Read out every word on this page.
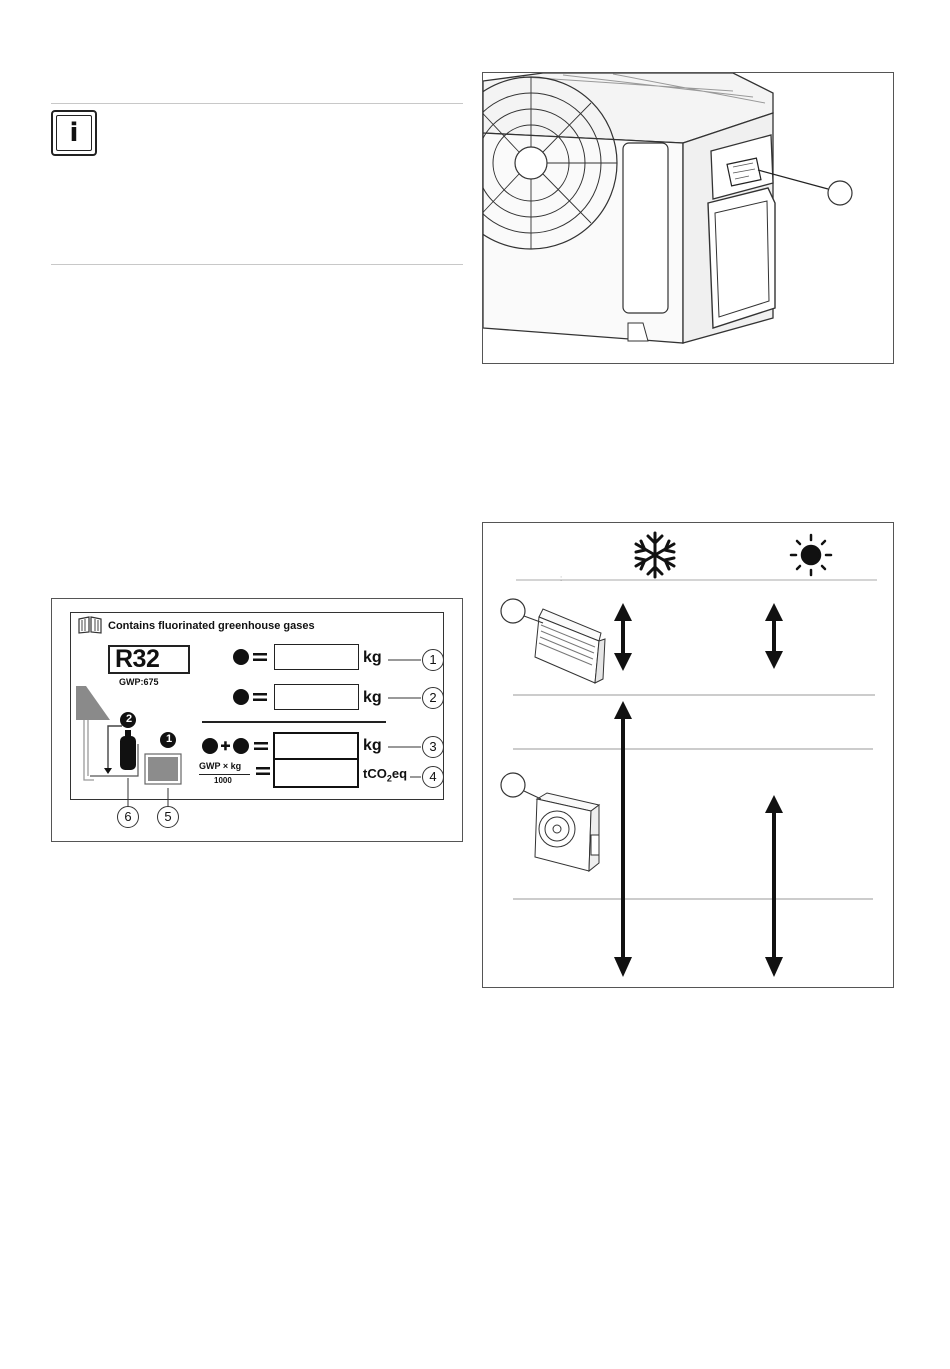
i
Contains fluorinated greenhouse gases
R32
GWP:675
kg
kg
kg
GWP × kg
1000	tCO$_2$eq
2
1
1
2
3
4
5
6
:
